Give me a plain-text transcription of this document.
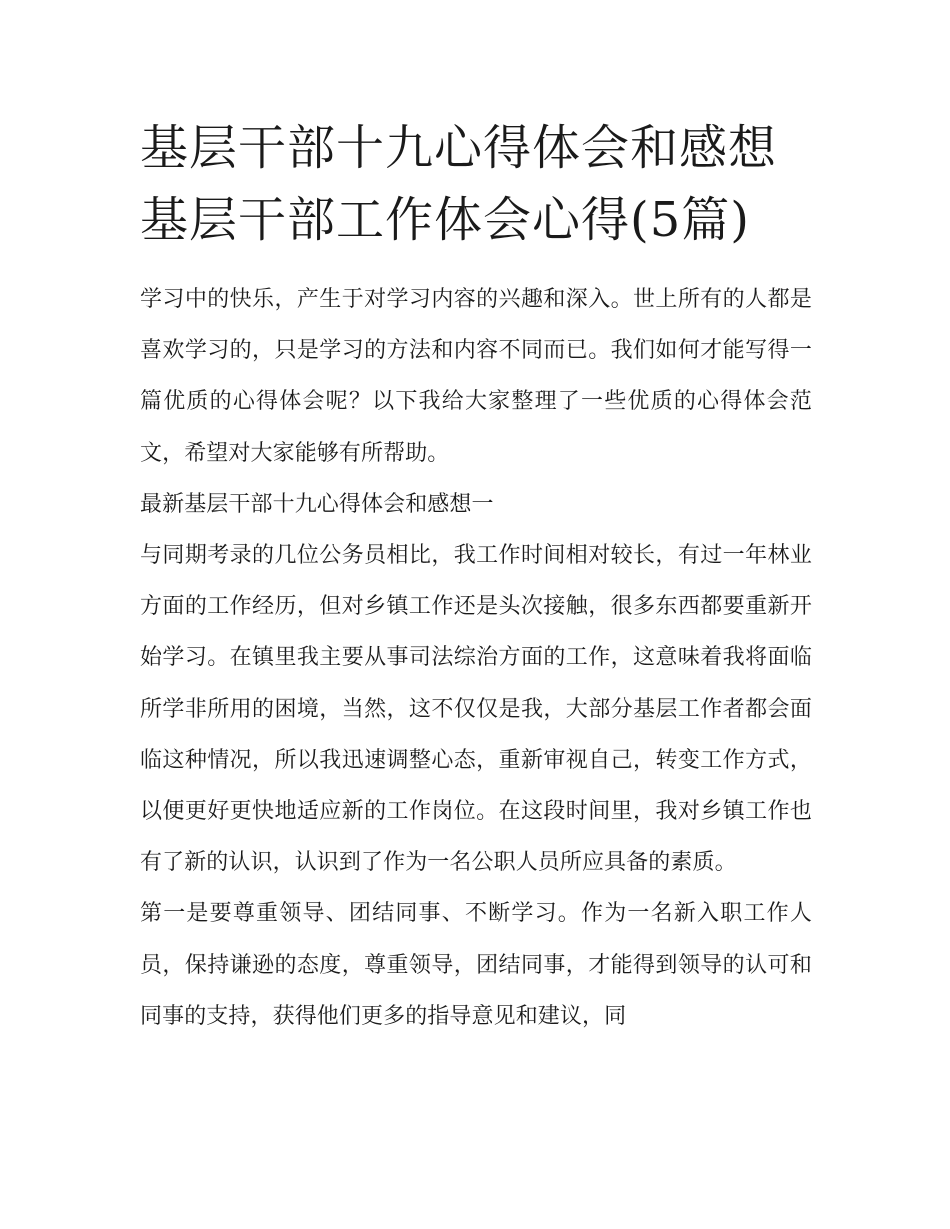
基层干部十九心得体会和感想
基层干部工作体会心得(5篇)

学习中的快乐，产生于对学习内容的兴趣和深入。世上所有的人都是喜欢学习的，只是学习的方法和内容不同而已。我们如何才能写得一篇优质的心得体会呢？以下我给大家整理了一些优质的心得体会范文，希望对大家能够有所帮助。

最新基层干部十九心得体会和感想一

与同期考录的几位公务员相比，我工作时间相对较长，有过一年林业方面的工作经历，但对乡镇工作还是头次接触，很多东西都要重新开始学习。在镇里我主要从事司法综治方面的工作，这意味着我将面临所学非所用的困境，当然，这不仅仅是我，大部分基层工作者都会面临这种情况，所以我迅速调整心态，重新审视自己，转变工作方式，以便更好更快地适应新的工作岗位。在这段时间里，我对乡镇工作也有了新的认识，认识到了作为一名公职人员所应具备的素质。

第一是要尊重领导、团结同事、不断学习。作为一名新入职工作人员，保持谦逊的态度，尊重领导，团结同事，才能得到领导的认可和同事的支持，获得他们更多的指导意见和建议，同
